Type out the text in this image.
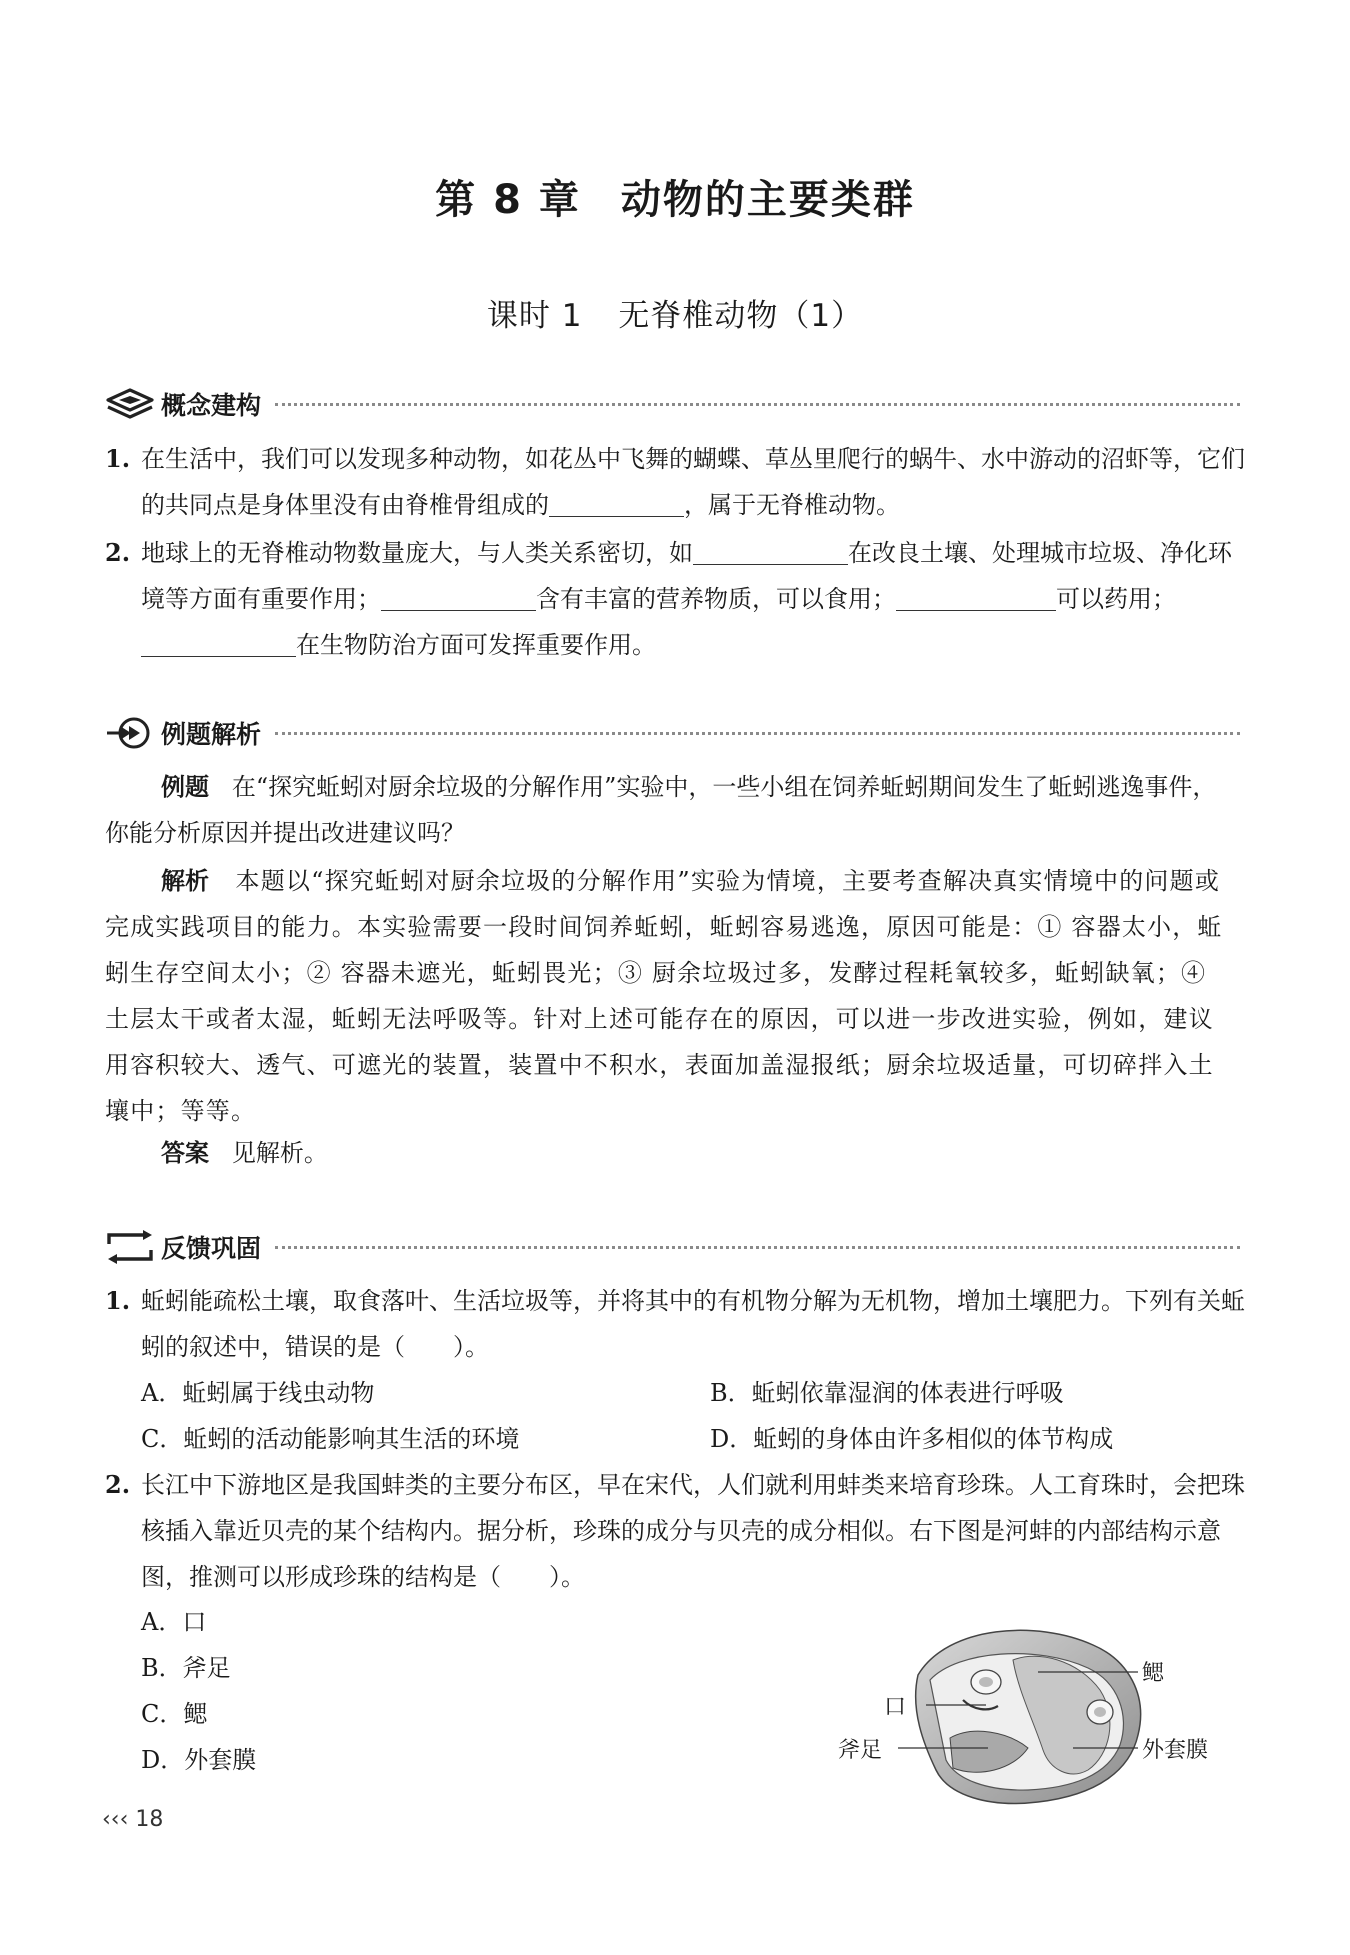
第 8 章 动物的主要类群
课时 1 无脊椎动物（1）
概念建构
1. 在生活中，我们可以发现多种动物，如花丛中飞舞的蝴蝶、草丛里爬行的蜗牛、水中游动的沼虾等，它们的共同点是身体里没有由脊椎骨组成的	，属于无脊椎动物。
2. 地球上的无脊椎动物数量庞大，与人类关系密切，如	在改良土壤、处理城市垃圾、净化环境等方面有重要作用；	含有丰富的营养物质，可以食用；	可以药用；在生物防治方面可发挥重要作用。
例题解析
例题 在“探究蚯蚓对厨余垃圾的分解作用”实验中，一些小组在饲养蚯蚓期间发生了蚯蚓逃逸事件，你能分析原因并提出改进建议吗？
解析 本题以“探究蚯蚓对厨余垃圾的分解作用”实验为情境，主要考查解决真实情境中的问题或完成实践项目的能力。本实验需要一段时间饲养蚯蚓，蚯蚓容易逃逸，原因可能是：① 容器太小，蚯蚓生存空间太小；② 容器未遮光，蚯蚓畏光；③ 厨余垃圾过多，发酵过程耗氧较多，蚯蚓缺氧；④ 土层太干或者太湿，蚯蚓无法呼吸等。针对上述可能存在的原因，可以进一步改进实验，例如，建议用容积较大、透气、可遮光的装置，装置中不积水，表面加盖湿报纸；厨余垃圾适量，可切碎拌入土壤中；等等。
答案 见解析。
反馈巩固
1. 蚯蚓能疏松土壤，取食落叶、生活垃圾等，并将其中的有机物分解为无机物，增加土壤肥力。下列有关蚯蚓的叙述中，错误的是（ ）。
A．蚯蚓属于线虫动物	B．蚯蚓依靠湿润的体表进行呼吸
C．蚯蚓的活动能影响其生活的环境	D．蚯蚓的身体由许多相似的体节构成
2. 长江中下游地区是我国蚌类的主要分布区，早在宋代，人们就利用蚌类来培育珍珠。人工育珠时，会把珠核插入靠近贝壳的某个结构内。据分析，珍珠的成分与贝壳的成分相似。右下图是河蚌的内部结构示意图，推测可以形成珍珠的结构是（ ）。
A．口
B．斧足
C．鳃
D．外套膜
口
鳃
斧足	外套膜
‹‹‹ 18
